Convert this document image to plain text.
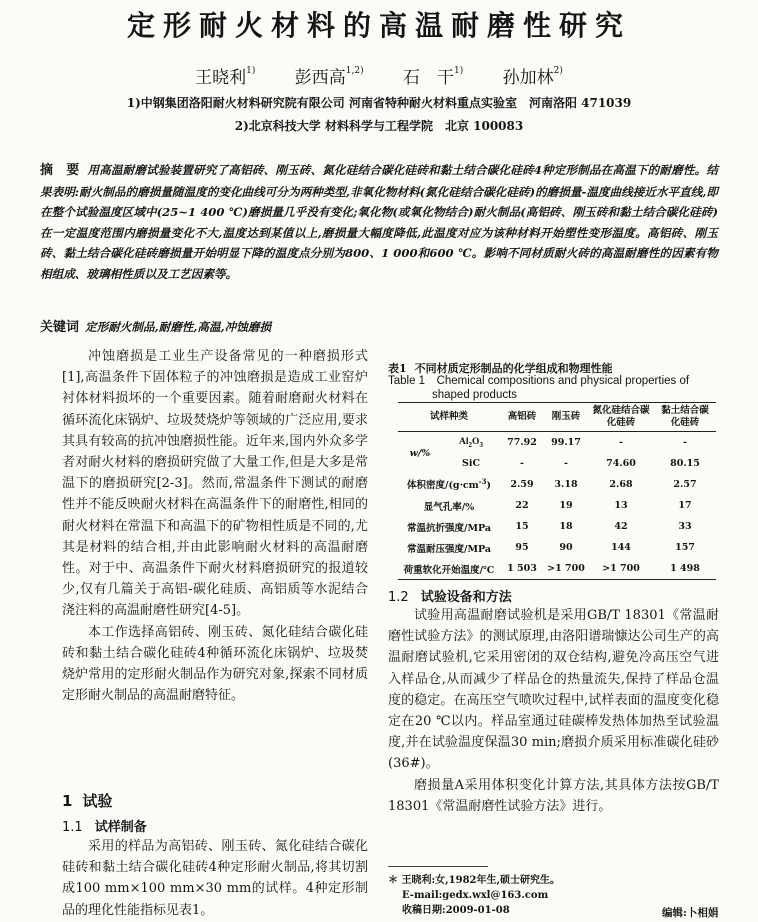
定形耐火材料的高温耐磨性研究
王晓利$^{1)}$　　 彭西高$^{1,2)}$　　 石　干$^{1)}$　　 孙加林$^{2)}$
1)中钢集团洛阳耐火材料研究院有限公司 河南省特种耐火材料重点实验室　河南洛阳 471039
2)北京科技大学 材料科学与工程学院　北京 100083
摘　要 用高温耐磨试验装置研究了高铝砖、刚玉砖、氮化硅结合碳化硅砖和黏土结合碳化硅砖4种定形制品在高温下的耐磨性。结果表明:耐火制品的磨损量随温度的变化曲线可分为两种类型,非氧化物材料(氮化硅结合碳化硅砖)的磨损量-温度曲线接近水平直线,即在整个试验温度区域中(25~1 400 ℃)磨损量几乎没有变化;氧化物(或氧化物结合)耐火制品(高铝砖、刚玉砖和黏土结合碳化硅砖)在一定温度范围内磨损量变化不大,温度达到某值以上,磨损量大幅度降低,此温度对应为该种材料开始塑性变形温度。高铝砖、刚玉砖、黏土结合碳化硅砖磨损量开始明显下降的温度点分别为800、1 000和600 ℃。影响不同材质耐火砖的高温耐磨性的因素有物相组成、玻璃相性质以及工艺因素等。
关键词 定形耐火制品,耐磨性,高温,冲蚀磨损

冲蚀磨损是工业生产设备常见的一种磨损形式[1],高温条件下固体粒子的冲蚀磨损是造成工业窑炉衬体材料损坏的一个重要因素。随着耐磨耐火材料在循环流化床锅炉、垃圾焚烧炉等领域的广泛应用,要求其具有较高的抗冲蚀磨损性能。近年来,国内外众多学者对耐火材料的磨损研究做了大量工作,但是大多是常温下的磨损研究[2-3]。然而,常温条件下测试的耐磨性并不能反映耐火材料在高温条件下的耐磨性,相同的耐火材料在常温下和高温下的矿物相性质是不同的,尤其是材料的结合相,并由此影响耐火材料的高温耐磨性。对于中、高温条件下耐火材料磨损研究的报道较少,仅有几篇关于高铝-碳化硅质、高铝质等水泥结合浇注料的高温耐磨性研究[4-5]。

本工作选择高铝砖、刚玉砖、氮化硅结合碳化硅砖和黏土结合碳化硅砖4种循环流化床锅炉、垃圾焚烧炉常用的定形耐火制品作为研究对象,探索不同材质定形耐火制品的高温耐磨特征。

1 试验
1.1 试样制备

采用的样品为高铝砖、刚玉砖、氮化硅结合碳化硅砖和黏土结合碳化硅砖4种定形耐火制品,将其切割成100 mm×100 mm×30 mm的试样。4种定形制品的理化性能指标见表1。

表1 不同材质定形制品的化学组成和物理性能
Table 1　Chemical compositions and physical properties of
shaped products
试样种类		高铝砖	刚玉砖	氮化硅结合碳化硅砖	黏土结合碳化硅砖
w/%	$Al_2O_3$	77.92	99.17	-	-
	SiC	-	-	74.60	80.15
体积密度$/(g\cdot cm^{-3})$		2.59	3.18	2.68	2.57
显气孔率/%		22	19	13	17
常温抗折强度/MPa		15	18	42	33
常温耐压强度/MPa		95	90	144	157
荷重软化开始温度/℃		1 503	>1 700	>1 700	1 498
1.2 试验设备和方法

试验用高温耐磨试验机是采用GB/T 18301《常温耐磨性试验方法》的测试原理,由洛阳谱瑞慷达公司生产的高温耐磨试验机,它采用密闭的双仓结构,避免冷高压空气进入样品仓,从而减少了样品仓的热量流失,保持了样品仓温度的稳定。在高压空气喷吹过程中,试样表面的温度变化稳定在20 ℃以内。样品室通过硅碳棒发热体加热至试验温度,并在试验温度保温30 min;磨损介质采用标准碳化硅砂(36#)。

磨损量A采用体积变化计算方法,其具体方法按GB/T 18301《常温耐磨性试验方法》进行。

＊ 王晓利:女,1982年生,硕士研究生。
E-mail:gedx.wxl@163.com
收稿日期:2009-01-08	编辑:卜相娟
